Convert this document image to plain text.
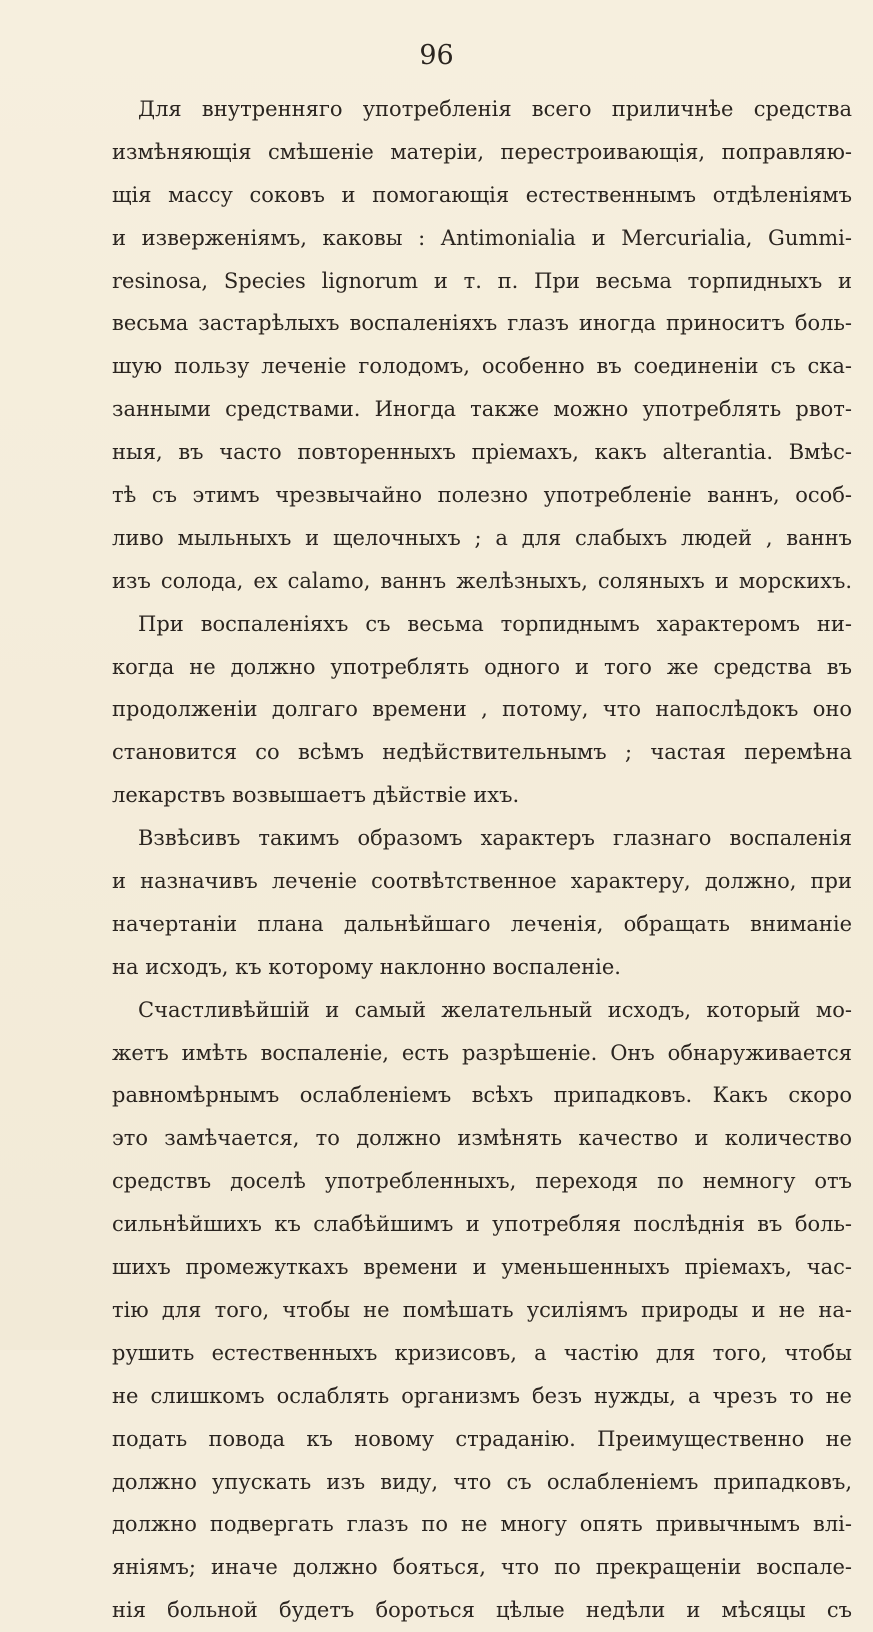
96
Для внутренняго употребленія всего приличнѣе средства
измѣняющія смѣшеніе матеріи, перестроивающія, поправляю-
щія массу соковъ и помогающія естественнымъ отдѣленіямъ
и изверженіямъ, каковы : Antimonialia и Mercurialia, Gummi-
resinosa, Species lignorum и т. п. При весьма торпидныхъ и
весьма застарѣлыхъ воспаленіяхъ глазъ иногда приноситъ боль-
шую пользу леченіе голодомъ, особенно въ соединеніи съ ска-
занными средствами. Иногда также можно употреблять рвот-
ныя, въ часто повторенныхъ пріемахъ, какъ alterantia. Вмѣс-
тѣ съ этимъ чрезвычайно полезно употребленіе ваннъ, особ-
ливо мыльныхъ и щелочныхъ ; а для слабыхъ людей , ваннъ
изъ солода, ex calamo, ваннъ желѣзныхъ, соляныхъ и морскихъ.
При воспаленіяхъ съ весьма торпиднымъ характеромъ ни-
когда не должно употреблять одного и того же средства въ
продолженіи долгаго времени , потому, что напослѣдокъ оно
становится со всѣмъ недѣйствительнымъ ; частая перемѣна
лекарствъ возвышаетъ дѣйствіе ихъ.
Взвѣсивъ такимъ образомъ характеръ глазнаго воспаленія
и назначивъ леченіе соотвѣтственное характеру, должно, при
начертаніи плана дальнѣйшаго леченія, обращать вниманіе
на исходъ, къ которому наклонно воспаленіе.
Счастливѣйшій и самый желательный исходъ, который мо-
жетъ имѣть воспаленіе, есть разрѣшеніе. Онъ обнаруживается
равномѣрнымъ ослабленіемъ всѣхъ припадковъ. Какъ скоро
это замѣчается, то должно измѣнять качество и количество
средствъ доселѣ употребленныхъ, переходя по немногу отъ
сильнѣйшихъ къ слабѣйшимъ и употребляя послѣднія въ боль-
шихъ промежуткахъ времени и уменьшенныхъ пріемахъ, час-
тію для того, чтобы не помѣшать усиліямъ природы и не на-
рушить естественныхъ кризисовъ, а частію для того, чтобы
не слишкомъ ослаблять организмъ безъ нужды, а чрезъ то не
подать повода къ новому страданію. Преимущественно не
должно упускать изъ виду, что съ ослабленіемъ припадковъ,
должно подвергать глазъ по не многу опять привычнымъ влі-
яніямъ; иначе должно бояться, что по прекращеніи воспале-
нія больной будетъ бороться цѣлые недѣли и мѣсяцы съ
